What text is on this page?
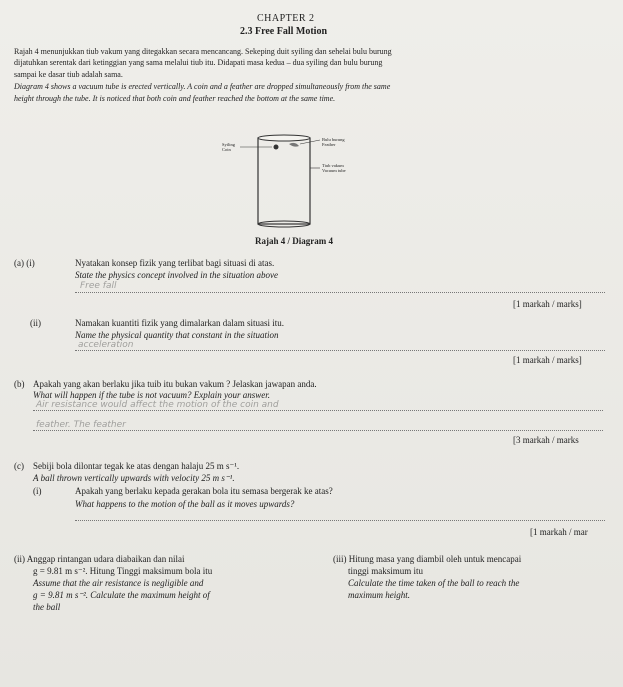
CHAPTER 2
2.3 Free Fall Motion
Rajah 4 menunjukkan tiub vakum yang ditegakkan secara mencancang. Sekeping duit syiling dan sehelai bulu burung
dijatuhkan serentak dari ketinggian yang sama melalui tiub itu. Didapati masa kedua – dua syiling dan bulu burung
sampai ke dasar tiub adalah sama.
Diagram 4 shows a vacuum tube is erected vertically. A coin and a feather are dropped simultaneously from the same
height through the tube. It is noticed that both coin and feather reached the bottom at the same time.
Syiling
Coin
Bulu burung
Feather
Tiub vakum
Vacuum tube
Rajah 4 / Diagram 4
(a) (i)	Nyatakan konsep fizik yang terlibat bagi situasi di atas.
State the physics concept involved in the situation above
Free fall
[1 markah / marks]
(ii)	Namakan kuantiti fizik yang dimalarkan dalam situasi itu.
Name the physical quantity that constant in the situation
acceleration
[1 markah / marks]
(b) Apakah yang akan berlaku jika tuib itu bukan vakum ? Jelaskan jawapan anda.
What will happen if the tube is not vacuum? Explain your answer.
Air resistance would affect the motion of the coin and
feather. The feather
[3 markah / marks
(c) Sebiji bola dilontar tegak ke atas dengan halaju 25 m s⁻¹.
A ball thrown vertically upwards with velocity 25 m s⁻¹.
(i)	Apakah yang berlaku kepada gerakan bola itu semasa bergerak ke atas?
What happens to the motion of the ball as it moves upwards?
[1 markah / mar
(ii) Anggap rintangan udara diabaikan dan nilai
g = 9.81 m s⁻². Hitung Tinggi maksimum bola itu
Assume that the air resistance is negligible and
g = 9.81 m s⁻². Calculate the maximum height of
the ball
(iii) Hitung masa yang diambil oleh untuk mencapai
tinggi maksimum itu
Calculate the time taken of the ball to reach the
maximum height.
